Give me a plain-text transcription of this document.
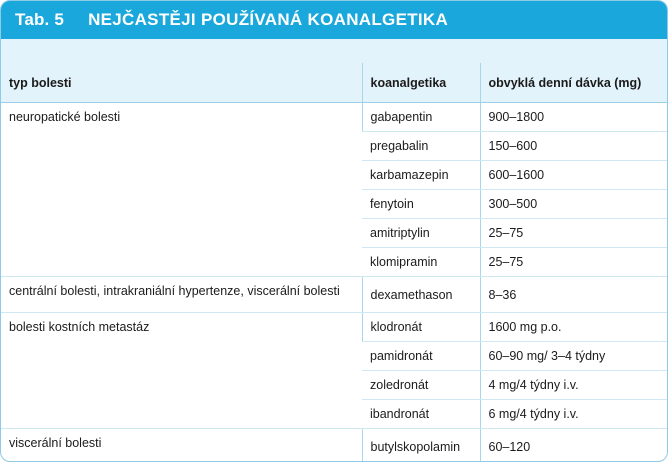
Tab. 5 NEJČASTĚJI POUŽÍVANÁ KOANALGETIKA
typ bolesti	koanalgetika	obvyklá denní dávka (mg)
neuropatické bolesti	gabapentin	900–1800
	pregabalin	150–600
	karbamazepin	600–1600
	fenytoin	300–500
	amitriptylin	25–75
	klomipramin	25–75
centrální bolesti, intrakraniální hypertenze, viscerální bolesti	dexamethason	8–36
bolesti kostních metastáz	klodronát	1600 mg p.o.
	pamidronát	60–90 mg/ 3–4 týdny
	zoledronát	4 mg/4 týdny i.v.
	ibandronát	6 mg/4 týdny i.v.
viscerální bolesti	butylskopolamin	60–120
